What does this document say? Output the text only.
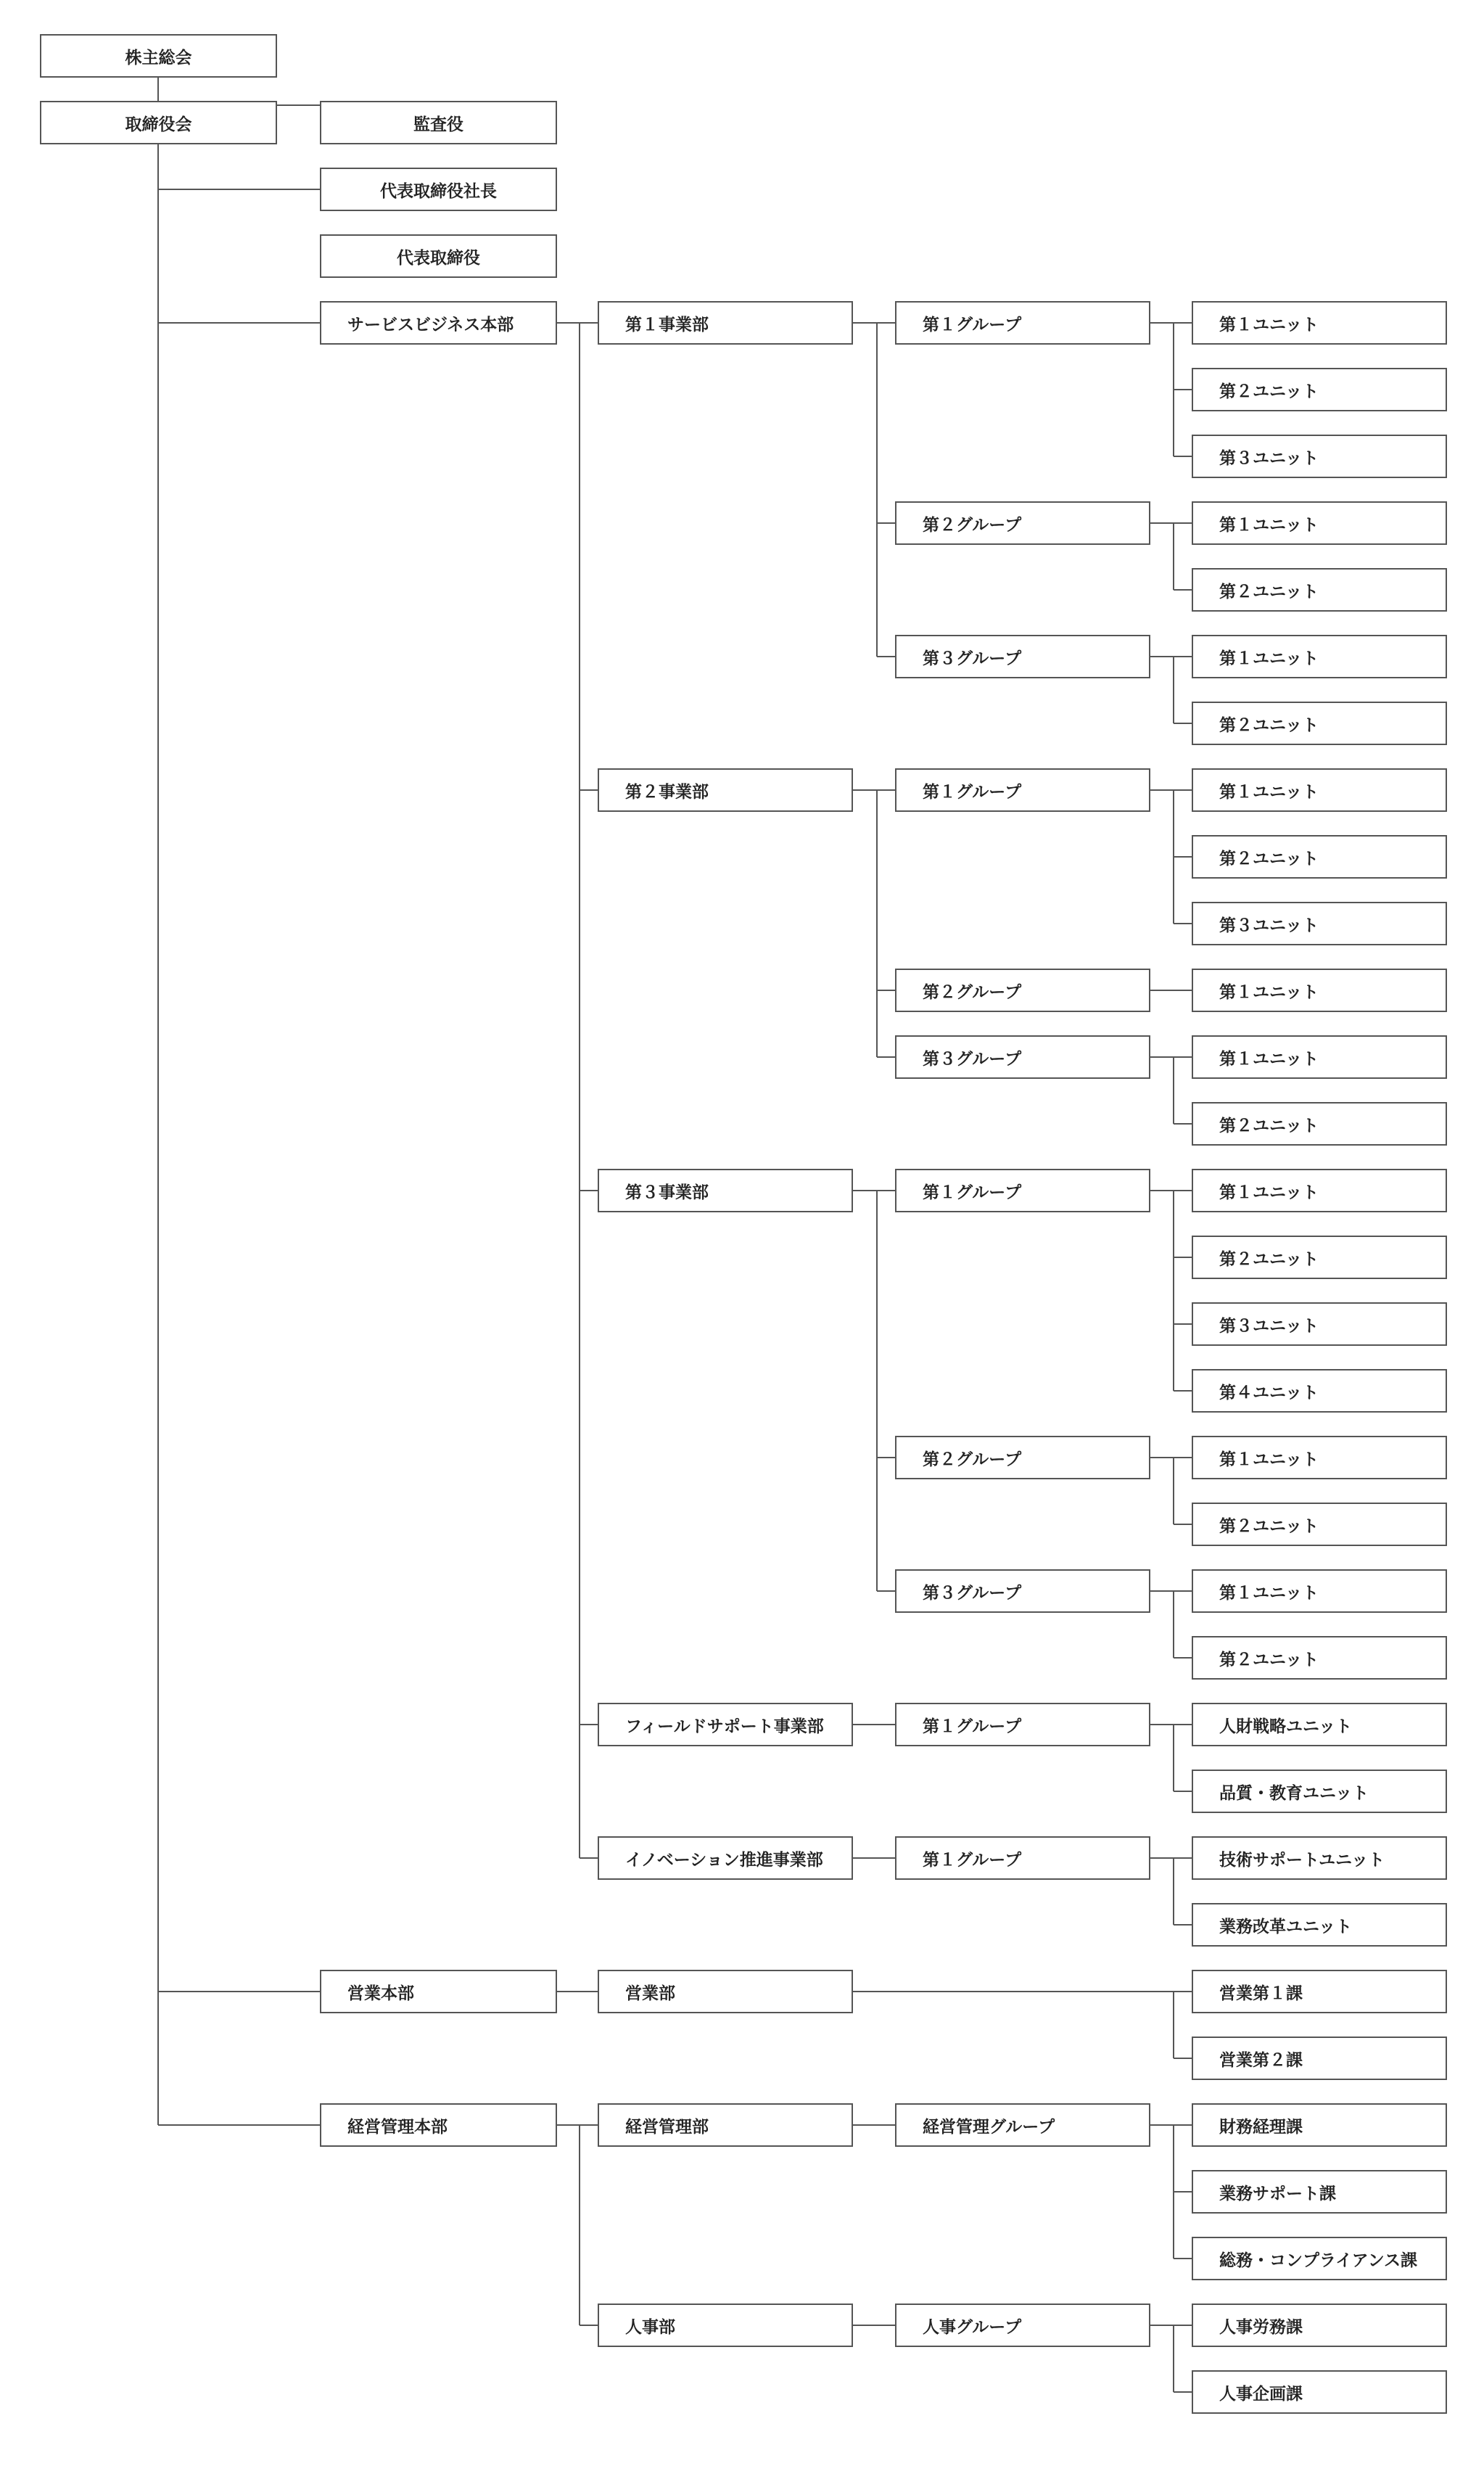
株主総会
取締役会	監査役
代表取締役社長
代表取締役
サービスビジネス本部	第１事業部	第１グループ	第１ユニット
第２ユニット
第３ユニット
第２グループ	第１ユニット
第２ユニット
第３グループ	第１ユニット
第２ユニット
第２事業部	第１グループ	第１ユニット
第２ユニット
第３ユニット
第２グループ	第１ユニット
第３グループ	第１ユニット
第２ユニット
第３事業部	第１グループ	第１ユニット
第２ユニット
第３ユニット
第４ユニット
第２グループ	第１ユニット
第２ユニット
第３グループ	第１ユニット
第２ユニット
フィールドサポート事業部	第１グループ	人財戦略ユニット
品質・教育ユニット
イノベーション推進事業部	第１グループ	技術サポートユニット
業務改革ユニット
営業本部	営業部	営業第１課
営業第２課
経営管理本部	経営管理部	経営管理グループ	財務経理課
業務サポート課
総務・コンプライアンス課
人事部	人事グループ	人事労務課
人事企画課
